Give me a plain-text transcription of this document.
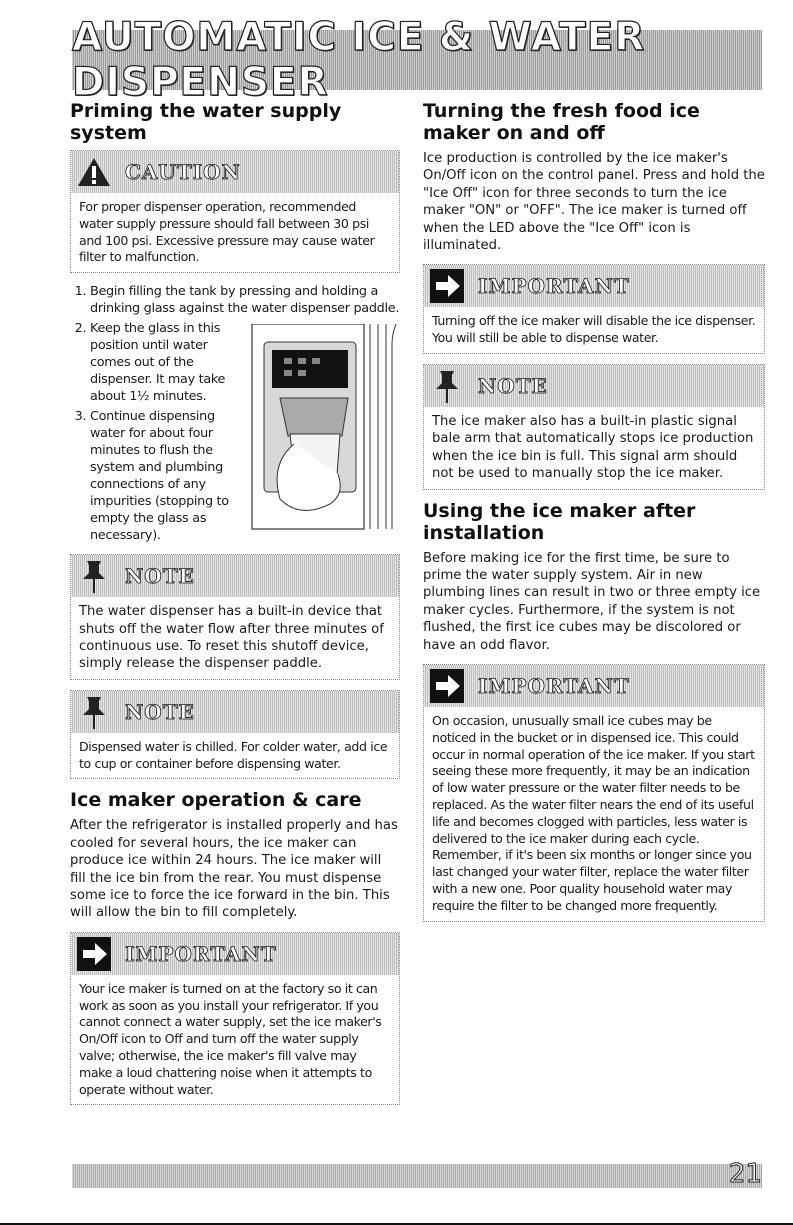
AUTOMATIC ICE & WATER DISPENSER
Priming the water supply system
CAUTION

For proper dispenser operation, recommended water supply pressure should fall between 30 psi and 100 psi. Excessive pressure may cause water filter to malfunction.

1. Begin filling the tank by pressing and holding a drinking glass against the water dispenser paddle.
2. Keep the glass in this position until water comes out of the dispenser. It may take about 1½ minutes.
3. Continue dispensing water for about four minutes to flush the system and plumbing connections of any impurities (stopping to empty the glass as necessary).
NOTE

The water dispenser has a built-in device that shuts off the water flow after three minutes of continuous use. To reset this shutoff device, simply release the dispenser paddle.

NOTE

Dispensed water is chilled. For colder water, add ice to cup or container before dispensing water.

Ice maker operation & care

After the refrigerator is installed properly and has cooled for several hours, the ice maker can produce ice within 24 hours. The ice maker will fill the ice bin from the rear. You must dispense some ice to force the ice forward in the bin. This will allow the bin to fill completely.

IMPORTANT

Your ice maker is turned on at the factory so it can work as soon as you install your refrigerator. If you cannot connect a water supply, set the ice maker's On/Off icon to Off and turn off the water supply valve; otherwise, the ice maker's fill valve may make a loud chattering noise when it attempts to operate without water.

Turning the fresh food ice maker on and off

Ice production is controlled by the ice maker's On/Off icon on the control panel. Press and hold the "Ice Off" icon for three seconds to turn the ice maker "ON" or "OFF". The ice maker is turned off when the LED above the "Ice Off" icon is illuminated.

IMPORTANT

Turning off the ice maker will disable the ice dispenser. You will still be able to dispense water.

NOTE

The ice maker also has a built-in plastic signal bale arm that automatically stops ice production when the ice bin is full. This signal arm should not be used to manually stop the ice maker.

Using the ice maker after installation

Before making ice for the first time, be sure to prime the water supply system. Air in new plumbing lines can result in two or three empty ice maker cycles. Furthermore, if the system is not flushed, the first ice cubes may be discolored or have an odd flavor.

IMPORTANT

On occasion, unusually small ice cubes may be noticed in the bucket or in dispensed ice. This could occur in normal operation of the ice maker. If you start seeing these more frequently, it may be an indication of low water pressure or the water filter needs to be replaced. As the water filter nears the end of its useful life and becomes clogged with particles, less water is delivered to the ice maker during each cycle. Remember, if it's been six months or longer since you last changed your water filter, replace the water filter with a new one. Poor quality household water may require the filter to be changed more frequently.

21
